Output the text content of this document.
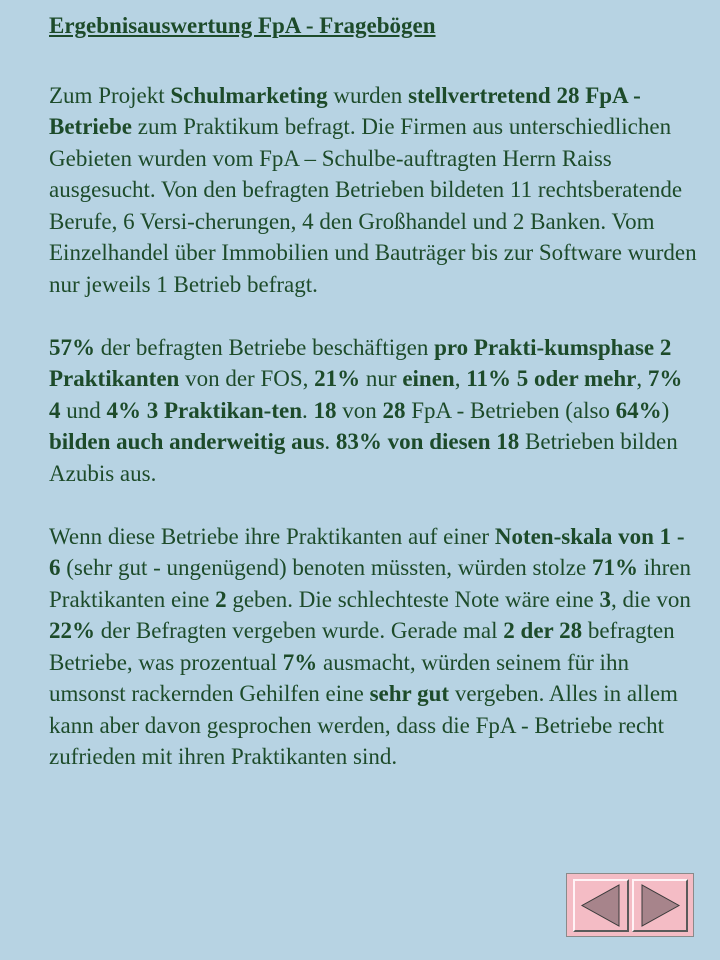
Ergebnisauswertung FpA - Fragebögen

Zum Projekt Schulmarketing wurden stellvertretend 28 FpA - Betriebe zum Praktikum befragt. Die Firmen aus unterschiedlichen Gebieten wurden vom FpA – Schulbe-auftragten Herrn Raiss ausgesucht. Von den befragten Betrieben bildeten 11 rechtsberatende Berufe, 6 Versi-cherungen, 4 den Großhandel und 2 Banken. Vom Einzelhandel über Immobilien und Bauträger bis zur Software wurden nur jeweils 1 Betrieb befragt.

57% der befragten Betriebe beschäftigen pro Prakti-kumsphase 2 Praktikanten von der FOS, 21% nur einen, 11% 5 oder mehr, 7% 4 und 4% 3 Praktikan-ten. 18 von 28 FpA - Betrieben (also 64%) bilden auch anderweitig aus. 83% von diesen 18 Betrieben bilden Azubis aus.

Wenn diese Betriebe ihre Praktikanten auf einer Noten-skala von 1 - 6 (sehr gut - ungenügend) benoten müssten, würden stolze 71% ihren Praktikanten eine 2 geben. Die schlechteste Note wäre eine 3, die von 22% der Befragten vergeben wurde. Gerade mal 2 der 28 befragten Betriebe, was prozentual 7% ausmacht, würden seinem für ihn umsonst rackernden Gehilfen eine sehr gut vergeben. Alles in allem kann aber davon gesprochen werden, dass die FpA - Betriebe recht zufrieden mit ihren Praktikanten sind.
